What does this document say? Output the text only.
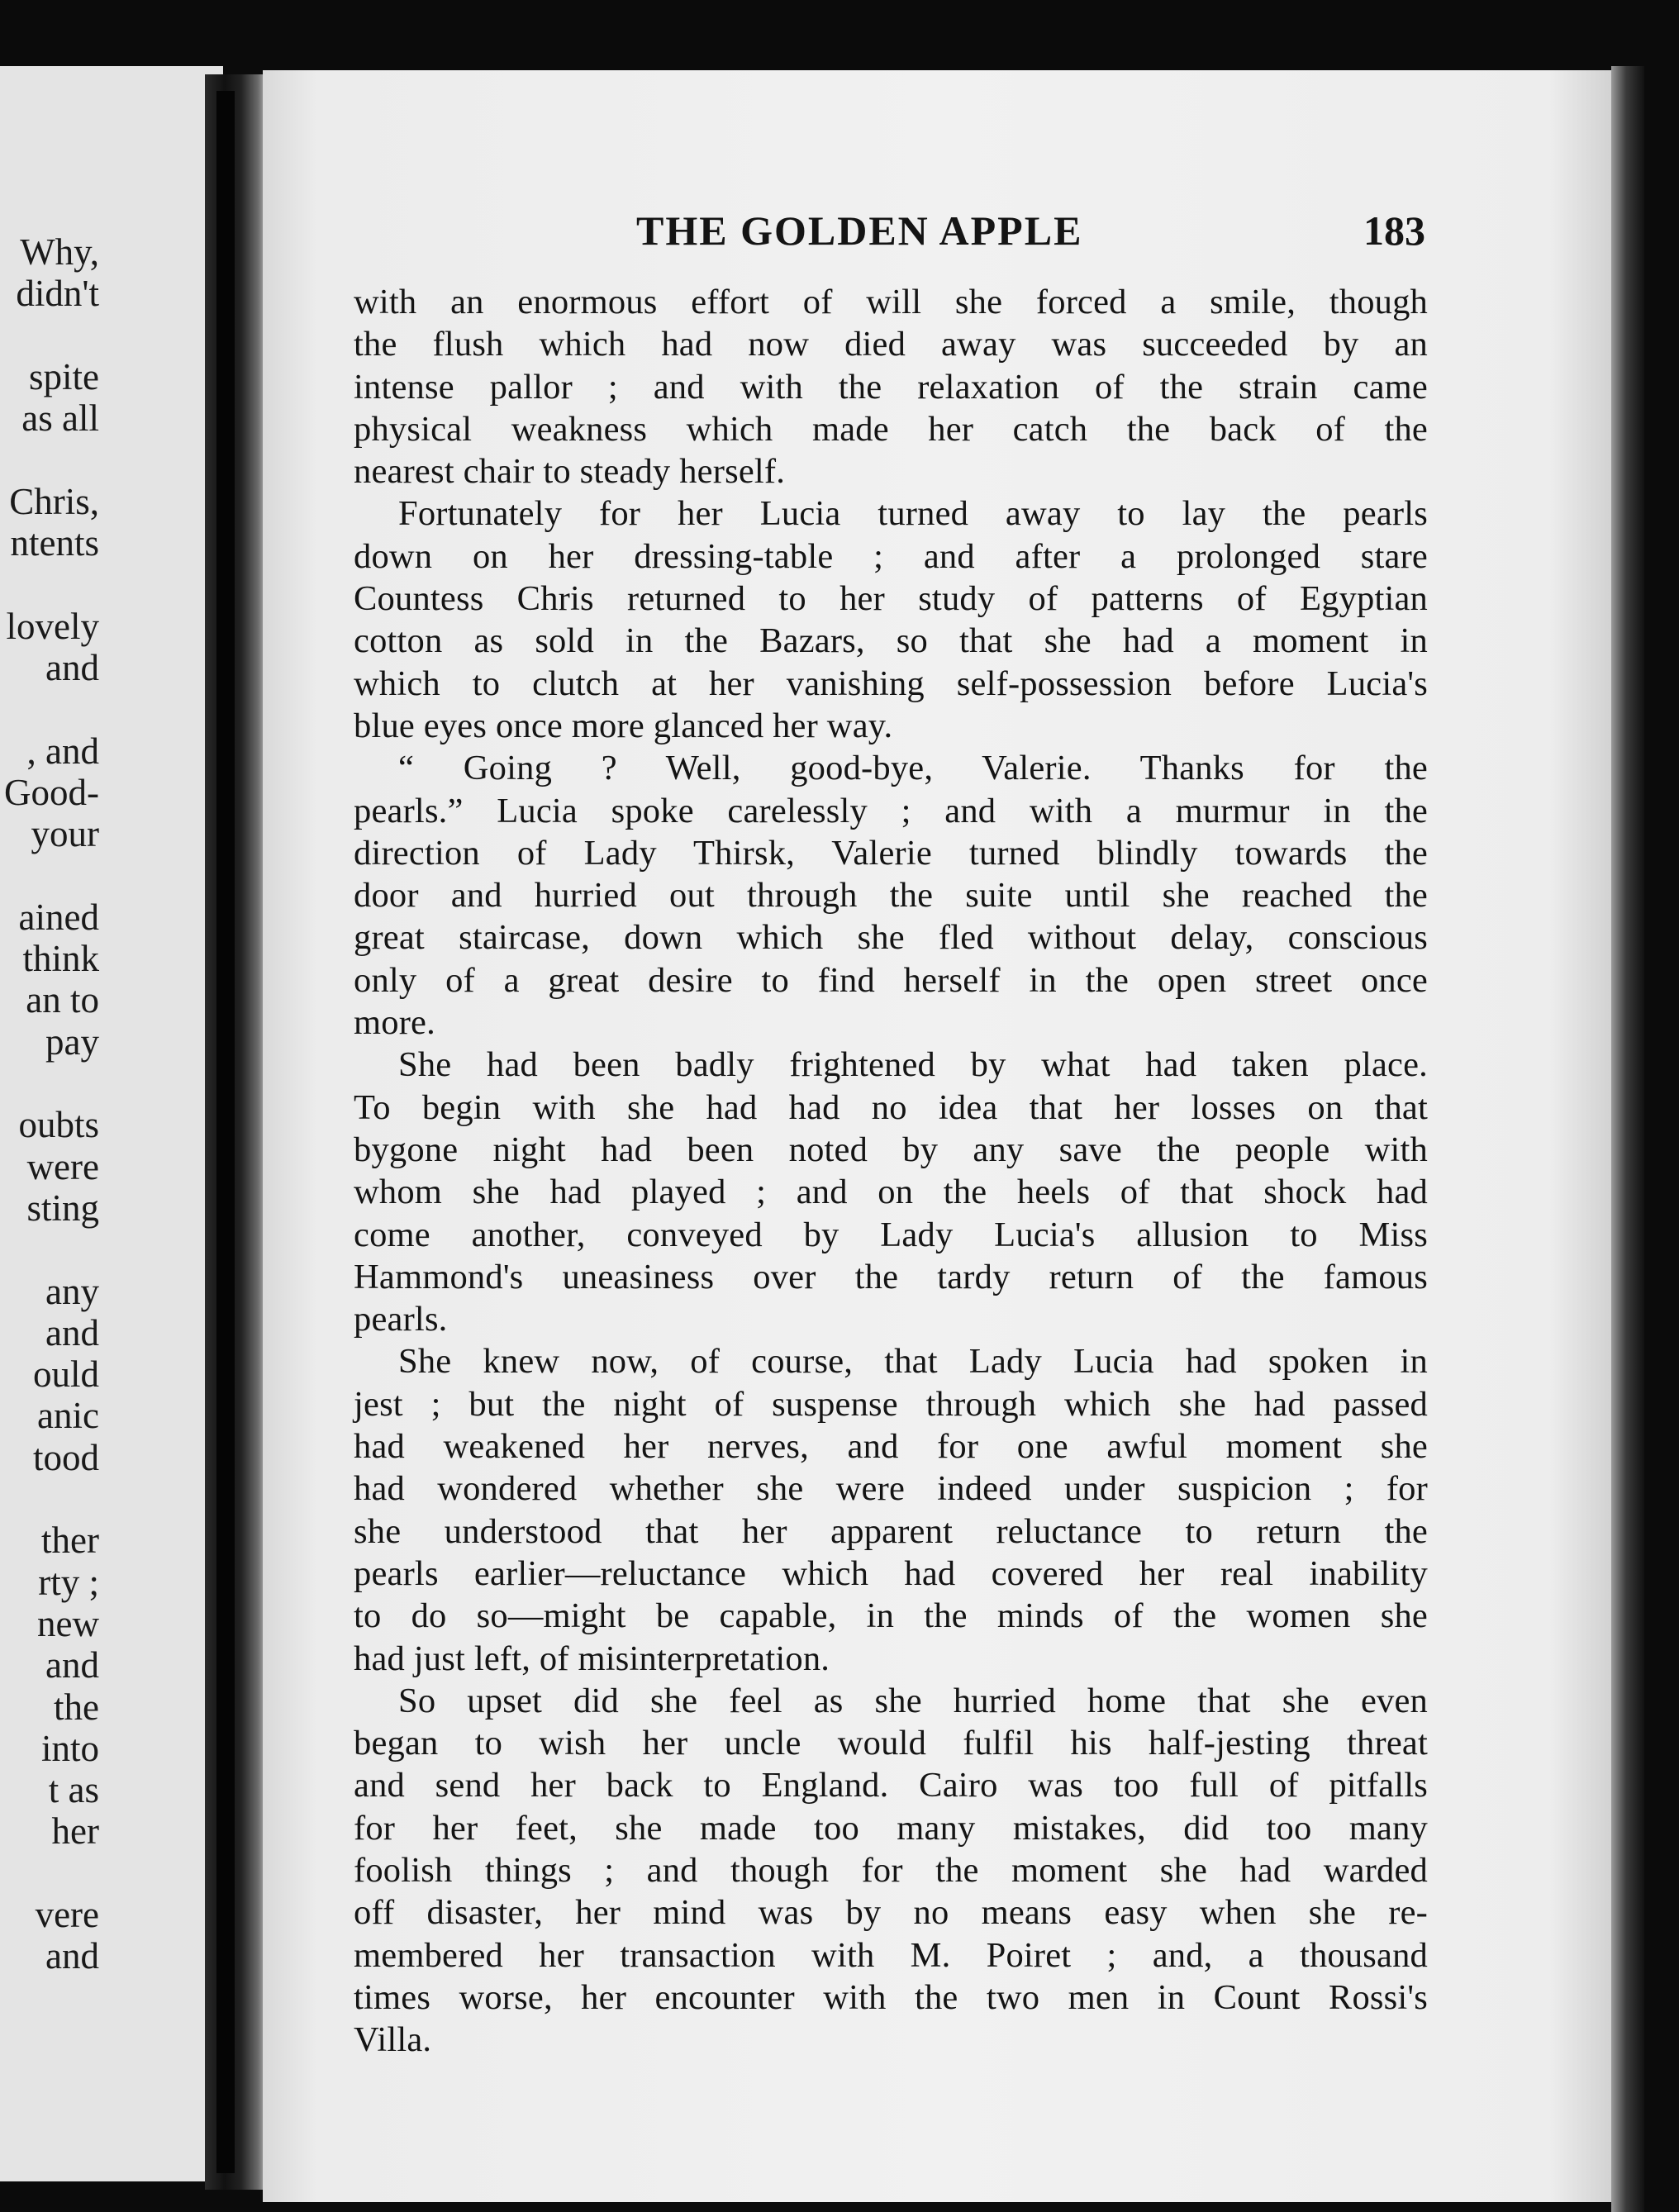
Why,
didn't
spite
as all
Chris,
ntents
lovely
and
, and
Good-
your
ained
think
an to
pay
oubts
were
sting
any
and
ould
anic
tood
ther
rty ;
new
and
the
into
t as
her
vere
and
THE GOLDEN APPLE	183
with an enormous effort of will she forced a smile, though
the flush which had now died away was succeeded by an
intense pallor ; and with the relaxation of the strain came
physical weakness which made her catch the back of the
nearest chair to steady herself.
Fortunately for her Lucia turned away to lay the pearls
down on her dressing-table ; and after a prolonged stare
Countess Chris returned to her study of patterns of Egyptian
cotton as sold in the Bazars, so that she had a moment in
which to clutch at her vanishing self-possession before Lucia's
blue eyes once more glanced her way.
“ Going ? Well, good-bye, Valerie. Thanks for the
pearls.” Lucia spoke carelessly ; and with a murmur in the
direction of Lady Thirsk, Valerie turned blindly towards the
door and hurried out through the suite until she reached the
great staircase, down which she fled without delay, conscious
only of a great desire to find herself in the open street once
more.
She had been badly frightened by what had taken place.
To begin with she had had no idea that her losses on that
bygone night had been noted by any save the people with
whom she had played ; and on the heels of that shock had
come another, conveyed by Lady Lucia's allusion to Miss
Hammond's uneasiness over the tardy return of the famous
pearls.
She knew now, of course, that Lady Lucia had spoken in
jest ; but the night of suspense through which she had passed
had weakened her nerves, and for one awful moment she
had wondered whether she were indeed under suspicion ; for
she understood that her apparent reluctance to return the
pearls earlier—reluctance which had covered her real inability
to do so—might be capable, in the minds of the women she
had just left, of misinterpretation.
So upset did she feel as she hurried home that she even
began to wish her uncle would fulfil his half-jesting threat
and send her back to England. Cairo was too full of pitfalls
for her feet, she made too many mistakes, did too many
foolish things ; and though for the moment she had warded
off disaster, her mind was by no means easy when she re-
membered her transaction with M. Poiret ; and, a thousand
times worse, her encounter with the two men in Count Rossi's
Villa.
